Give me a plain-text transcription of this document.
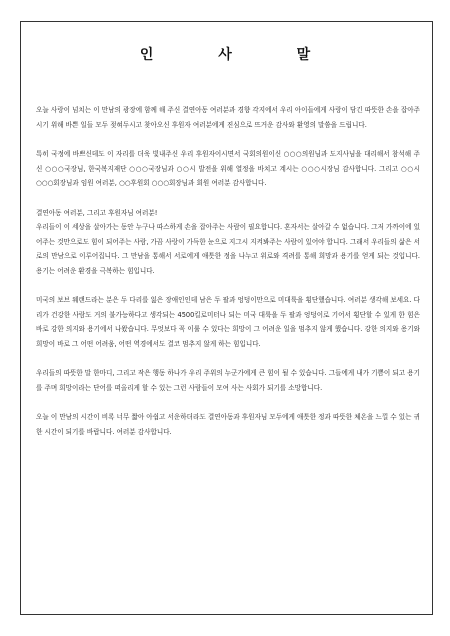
인 사 말

오늘 사랑이 넘치는 이 만남의 광장에 함께 해 주신 결연아동 여러분과 경향 각지에서 우리 아이들에게 사랑이 담긴 따뜻한 손을 잡아주시기 위해 바쁜 일들 모두 젖혀두시고 찾아오신 후원자 여러분에게 진심으로 뜨거운 감사와 환영의 말씀을 드립니다.

특히 국정에 바쁘신데도 이 자리를 더욱 빛내주신 우리 후원자이시면서 국회의원이신 ○○○의원님과 도지사님을 대리해서 참석해 주신 ○○○국장님, 한국복지재단 ○○○국장님과 ○○시 발전을 위해 열정을 바치고 계시는 ○○○시장님 감사합니다. 그리고 ○○시 ○○○회장님과 임원 여러분, ○○후원회 ○○○회장님과 회원 여러분 감사합니다.

결연아동 여러분, 그리고 후원자님 여러분!

우리들이 이 세상을 살아가는 동안 누구나 따스하게 손을 잡아주는 사람이 필요합니다. 혼자서는 살아갈 수 없습니다. 그저 가까이에 있어주는 것만으로도 힘이 되어주는 사람, 가끔 사랑이 가득한 눈으로 지그시 지켜봐주는 사람이 있어야 합니다. 그래서 우리들의 삶은 서로의 만남으로 이루어집니다. 그 만남을 통해서 서로에게 애틋한 정을 나누고 위로와 격려를 통해 희망과 용기를 얻게 되는 것입니다. 용기는 어려운 환경을 극복하는 힘입니다.

미국의 보브 웨랜드라는 분은 두 다리를 잃은 장애인인데 남은 두 팔과 엉덩이만으로 미대륙을 횡단했습니다. 여러분 생각해 보세요. 다리가 건강한 사람도 거의 불가능하다고 생각되는 4500킬로미터나 되는 미국 대륙을 두 팔과 엉덩이로 기어서 횡단할 수 있게 한 힘은 바로 강한 의지와 용기에서 나왔습니다. 무엇보다 꼭 이룰 수 있다는 희망이 그 어려운 일을 멈추지 않게 했습니다. 강한 의지와 용기와 희망이 바로 그 어떤 어려움, 어떤 역경에서도 결코 멈추지 않게 하는 힘입니다.

우리들의 따뜻한 말 한마디, 그리고 작은 행동 하나가 우리 주위의 누군가에게 큰 힘이 될 수 있습니다. 그들에게 내가 기쁨이 되고 용기를 주며 희망이라는 단어를 떠올리게 할 수 있는 그런 사람들이 모여 사는 사회가 되기를 소망합니다.

오늘 이 만남의 시간이 비록 너무 짧아 아쉽고 서운하더라도 결연아동과 후원자님 모두에게 애틋한 정과 따뜻한 체온을 느낄 수 있는 귀한 시간이 되기를 바랍니다. 여러분 감사합니다.
